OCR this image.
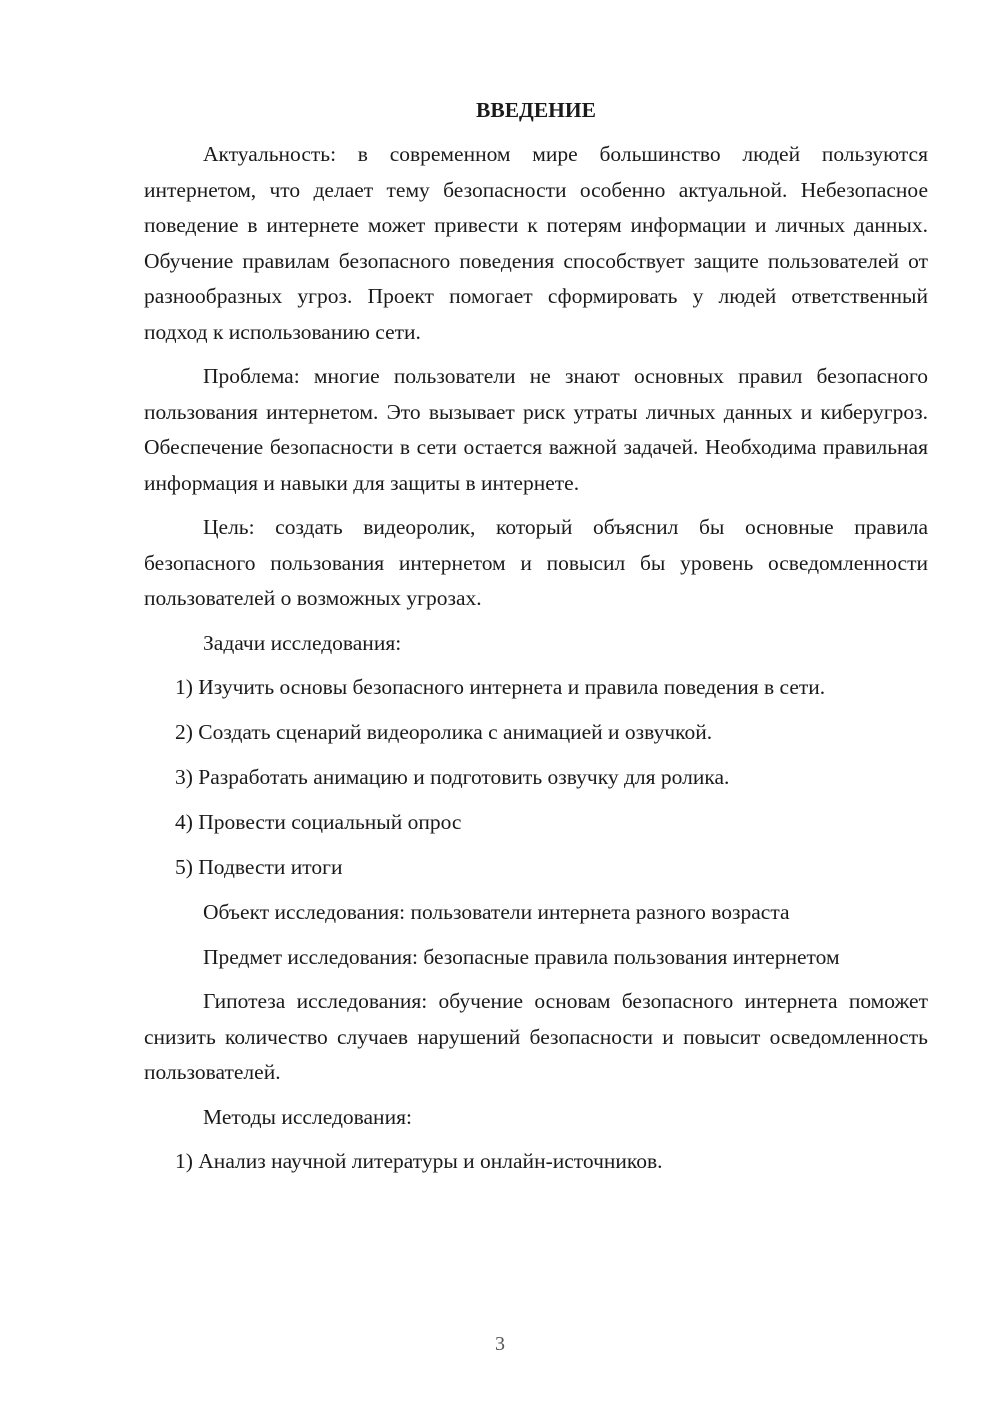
ВВЕДЕНИЕ

Актуальность: в современном мире большинство людей пользуются интернетом, что делает тему безопасности особенно актуальной. Небезопасное поведение в интернете может привести к потерям информации и личных данных. Обучение правилам безопасного поведения способствует защите пользователей от разнообразных угроз. Проект помогает сформировать у людей ответственный подход к использованию сети.

Проблема: многие пользователи не знают основных правил безопасного пользования интернетом. Это вызывает риск утраты личных данных и киберугроз. Обеспечение безопасности в сети остается важной задачей. Необходима правильная информация и навыки для защиты в интернете.

Цель: создать видеоролик, который объяснил бы основные правила безопасного пользования интернетом и повысил бы уровень осведомленности пользователей о возможных угрозах.

Задачи исследования:

1) Изучить основы безопасного интернета и правила поведения в сети.

2) Создать сценарий видеоролика с анимацией и озвучкой.

3) Разработать анимацию и подготовить озвучку для ролика.

4) Провести социальный опрос

5) Подвести итоги

Объект исследования: пользователи интернета разного возраста

Предмет исследования: безопасные правила пользования интернетом

Гипотеза исследования: обучение основам безопасного интернета поможет снизить количество случаев нарушений безопасности и повысит осведомленность пользователей.

Методы исследования:

1) Анализ научной литературы и онлайн-источников.

3
